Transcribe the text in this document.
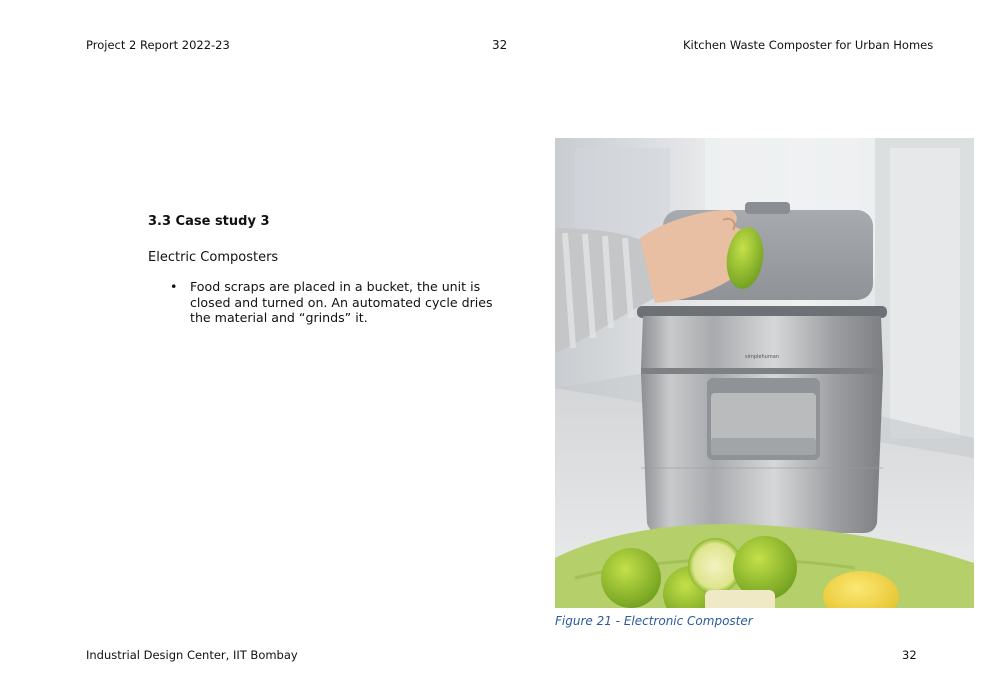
Project 2 Report 2022-23	32	Kitchen Waste Composter for Urban Homes
3.3 Case study 3
Electric Composters
• Food scraps are placed in a bucket, the unit is closed and turned on. An automated cycle dries the material and “grinds” it.
simplehuman
Figure 21 - Electronic Composter
Industrial Design Center, IIT Bombay	32
